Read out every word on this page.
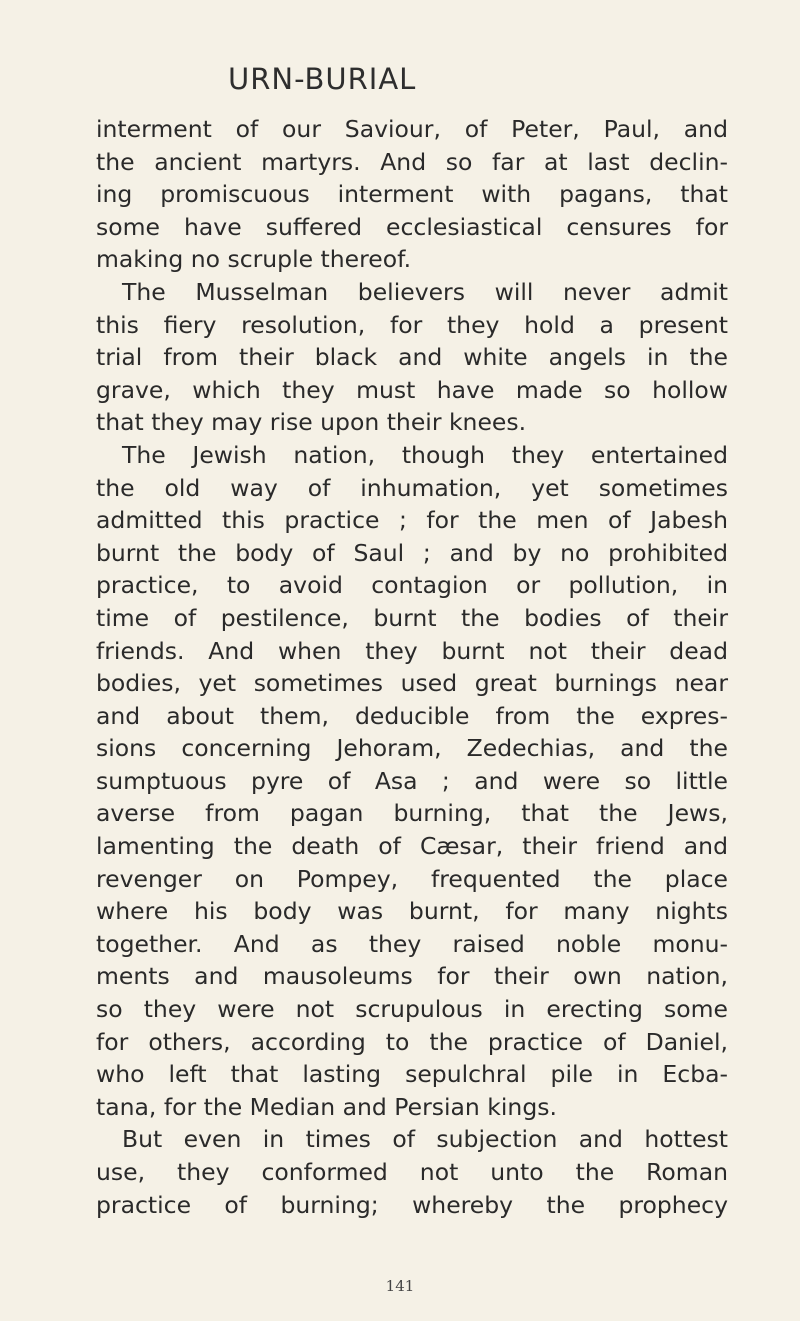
URN-BURIAL
interment of our Saviour, of Peter, Paul, and
the ancient martyrs. And so far at last declin-
ing promiscuous interment with pagans, that
some have suffered ecclesiastical censures for
making no scruple thereof.
The Musselman believers will never admit
this fiery resolution, for they hold a present
trial from their black and white angels in the
grave, which they must have made so hollow
that they may rise upon their knees.
The Jewish nation, though they entertained
the old way of inhumation, yet sometimes
admitted this practice ; for the men of Jabesh
burnt the body of Saul ; and by no prohibited
practice, to avoid contagion or pollution, in
time of pestilence, burnt the bodies of their
friends. And when they burnt not their dead
bodies, yet sometimes used great burnings near
and about them, deducible from the expres-
sions concerning Jehoram, Zedechias, and the
sumptuous pyre of Asa ; and were so little
averse from pagan burning, that the Jews,
lamenting the death of Cæsar, their friend and
revenger on Pompey, frequented the place
where his body was burnt, for many nights
together. And as they raised noble monu-
ments and mausoleums for their own nation,
so they were not scrupulous in erecting some
for others, according to the practice of Daniel,
who left that lasting sepulchral pile in Ecba-
tana, for the Median and Persian kings.
But even in times of subjection and hottest
use, they conformed not unto the Roman
practice of burning; whereby the prophecy
141
